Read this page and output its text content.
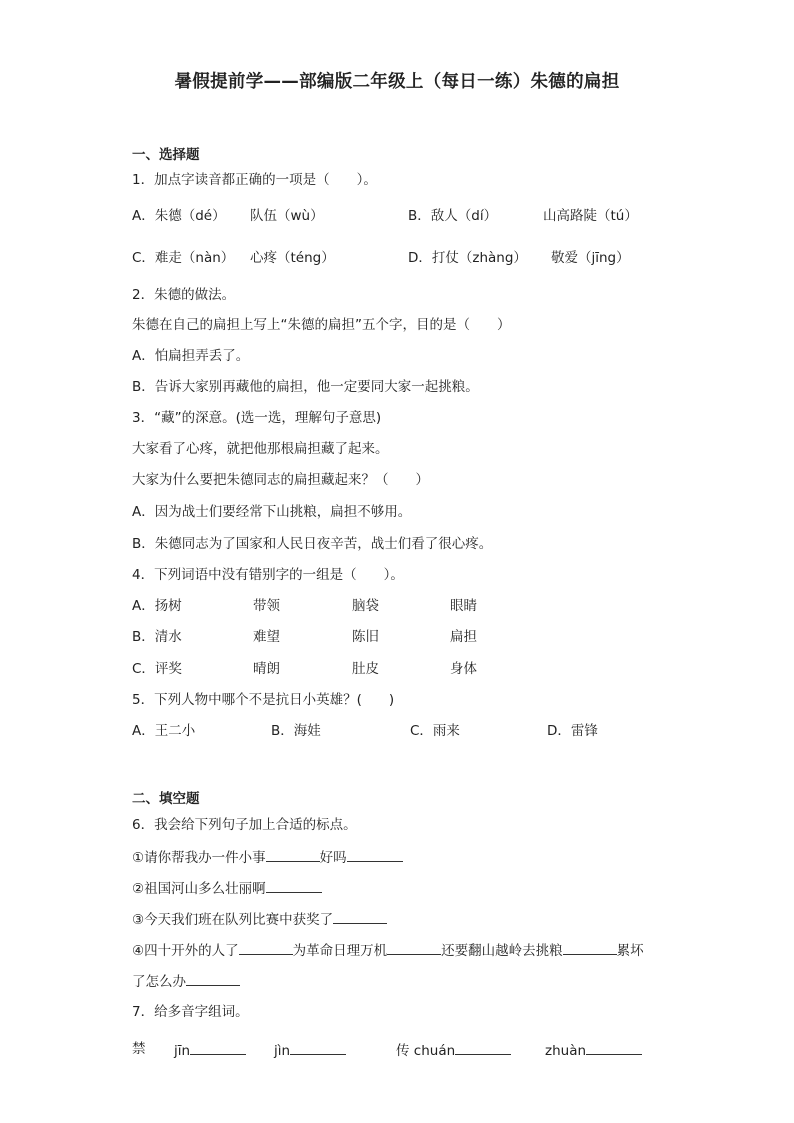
暑假提前学——部编版二年级上（每日一练）朱德的扁担
一、选择题
1．加点字读音都正确的一项是（　　）。
A．朱德（dé） 队伍（wù）	B．敌人（dí）	山高路陡（tú）
C．难走（nàn） 心疼（téng）	D．打仗（zhàng） 敬爱（jīng）
2．朱德的做法。
朱德在自己的扁担上写上“朱德的扁担”五个字，目的是（　　）
A．怕扁担弄丢了。
B．告诉大家别再藏他的扁担，他一定要同大家一起挑粮。
3．“藏”的深意。(选一选，理解句子意思)
大家看了心疼，就把他那根扁担藏了起来。
大家为什么要把朱德同志的扁担藏起来？（　　）
A．因为战士们要经常下山挑粮，扁担不够用。
B．朱德同志为了国家和人民日夜辛苦，战士们看了很心疼。
4．下列词语中没有错别字的一组是（　　）。
A．扬树	带领	脑袋	眼睛
B．清水	难望	陈旧	扁担
C．评奖	晴朗	肚皮	身体
5．下列人物中哪个不是抗日小英雄？(　　)
A．王二小	B．海娃	C．雨来	D．雷锋
二、填空题
6．我会给下列句子加上合适的标点。
①请你帮我办一件小事	好吗
②祖国河山多么壮丽啊
③今天我们班在队列比赛中获奖了
④四十开外的人了	为革命日理万机	还要翻山越岭去挑粮	累坏
了怎么办
7．给多音字组词。
禁 jīn	jìn	传 chuán	zhuàn
